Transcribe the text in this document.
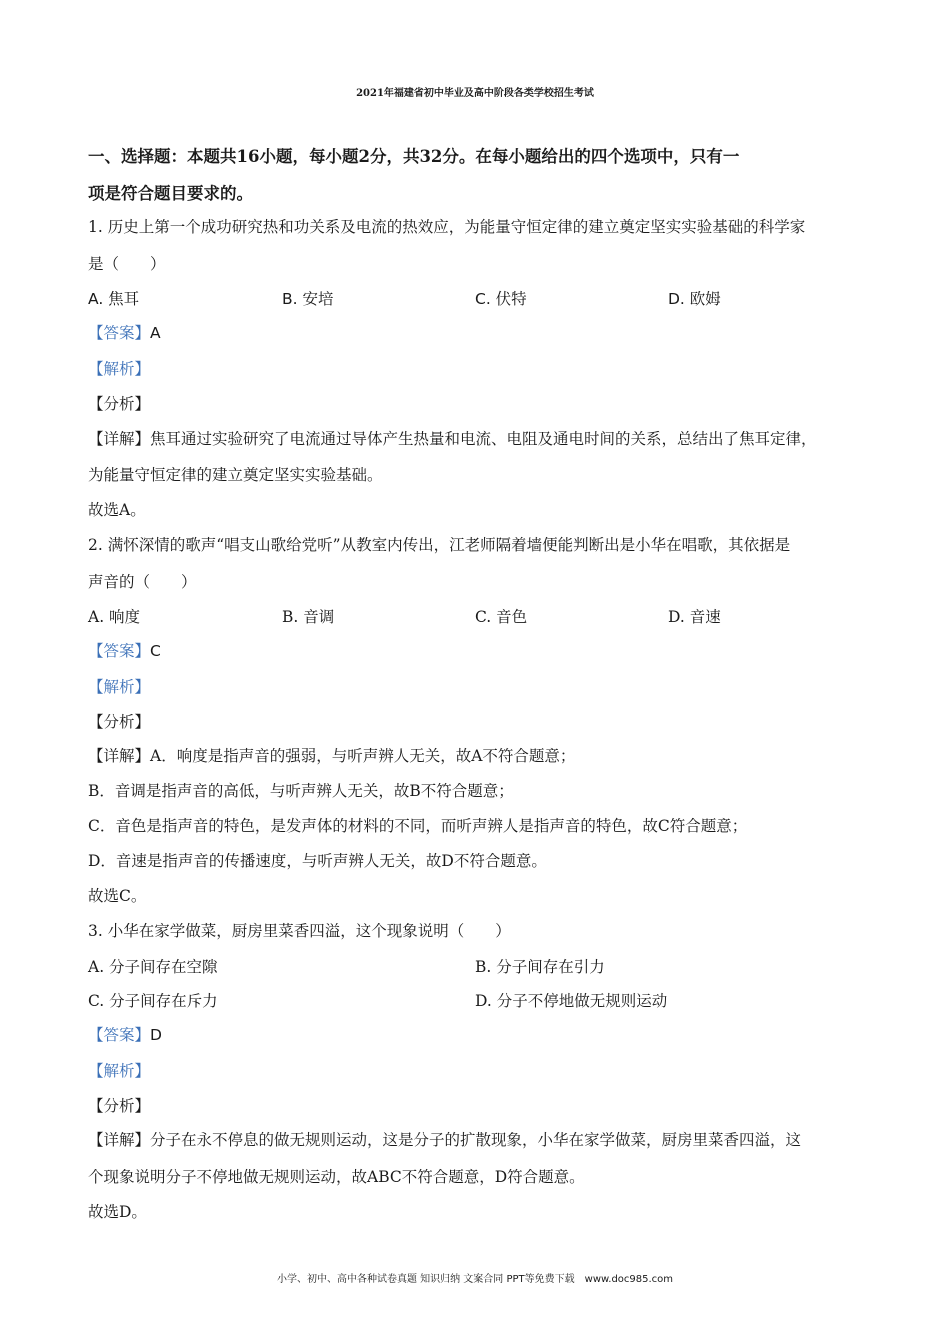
2021年福建省初中毕业及高中阶段各类学校招生考试
一、选择题：本题共16小题，每小题2分，共32分。在每小题给出的四个选项中，只有一
项是符合题目要求的。
1. 历史上第一个成功研究热和功关系及电流的热效应，为能量守恒定律的建立奠定坚实实验基础的科学家
是（　　）
A. 焦耳	B. 安培	C. 伏特	D. 欧姆
【答案】A
【解析】
【分析】
【详解】焦耳通过实验研究了电流通过导体产生热量和电流、电阻及通电时间的关系，总结出了焦耳定律，
为能量守恒定律的建立奠定坚实实验基础。
故选A。
2. 满怀深情的歌声“唱支山歌给党听”从教室内传出，江老师隔着墙便能判断出是小华在唱歌，其依据是
声音的（　　）
A. 响度	B. 音调	C. 音色	D. 音速
【答案】C
【解析】
【分析】
【详解】A．响度是指声音的强弱，与听声辨人无关，故A不符合题意；
B．音调是指声音的高低，与听声辨人无关，故B不符合题意；
C．音色是指声音的特色，是发声体的材料的不同，而听声辨人是指声音的特色，故C符合题意；
D．音速是指声音的传播速度，与听声辨人无关，故D不符合题意。
故选C。
3. 小华在家学做菜，厨房里菜香四溢，这个现象说明（　　）
A. 分子间存在空隙	B. 分子间存在引力
C. 分子间存在斥力	D. 分子不停地做无规则运动
【答案】D
【解析】
【分析】
【详解】分子在永不停息的做无规则运动，这是分子的扩散现象，小华在家学做菜，厨房里菜香四溢，这
个现象说明分子不停地做无规则运动，故ABC不符合题意，D符合题意。
故选D。
小学、初中、高中各种试卷真题 知识归纳 文案合同 PPT等免费下载　www.doc985.com
